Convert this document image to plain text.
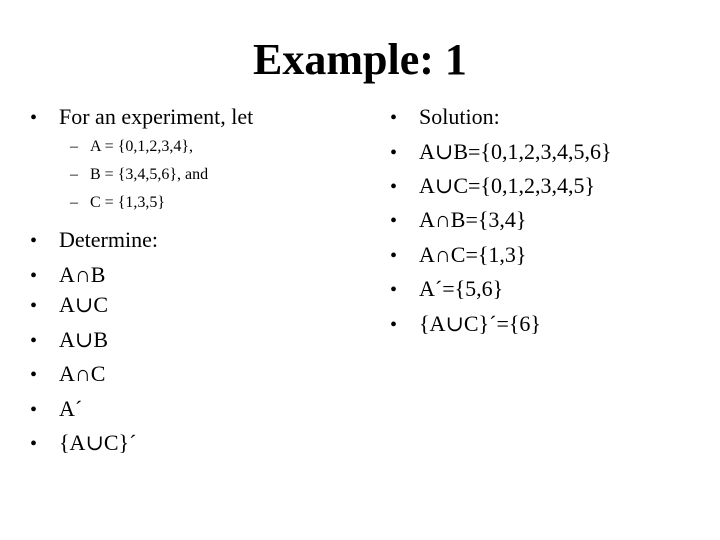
Example: 1
• For an experiment, let
– A = {0,1,2,3,4},
– B = {3,4,5,6}, and
– C = {1,3,5}
• Determine:
• A∩B
• A∪C
• A∪B
• A∩C
• A´
• {A∪C}´
• Solution:
• A∪B={0,1,2,3,4,5,6}
• A∪C={0,1,2,3,4,5}
• A∩B={3,4}
• A∩C={1,3}
• A´={5,6}
• {A∪C}´={6}
